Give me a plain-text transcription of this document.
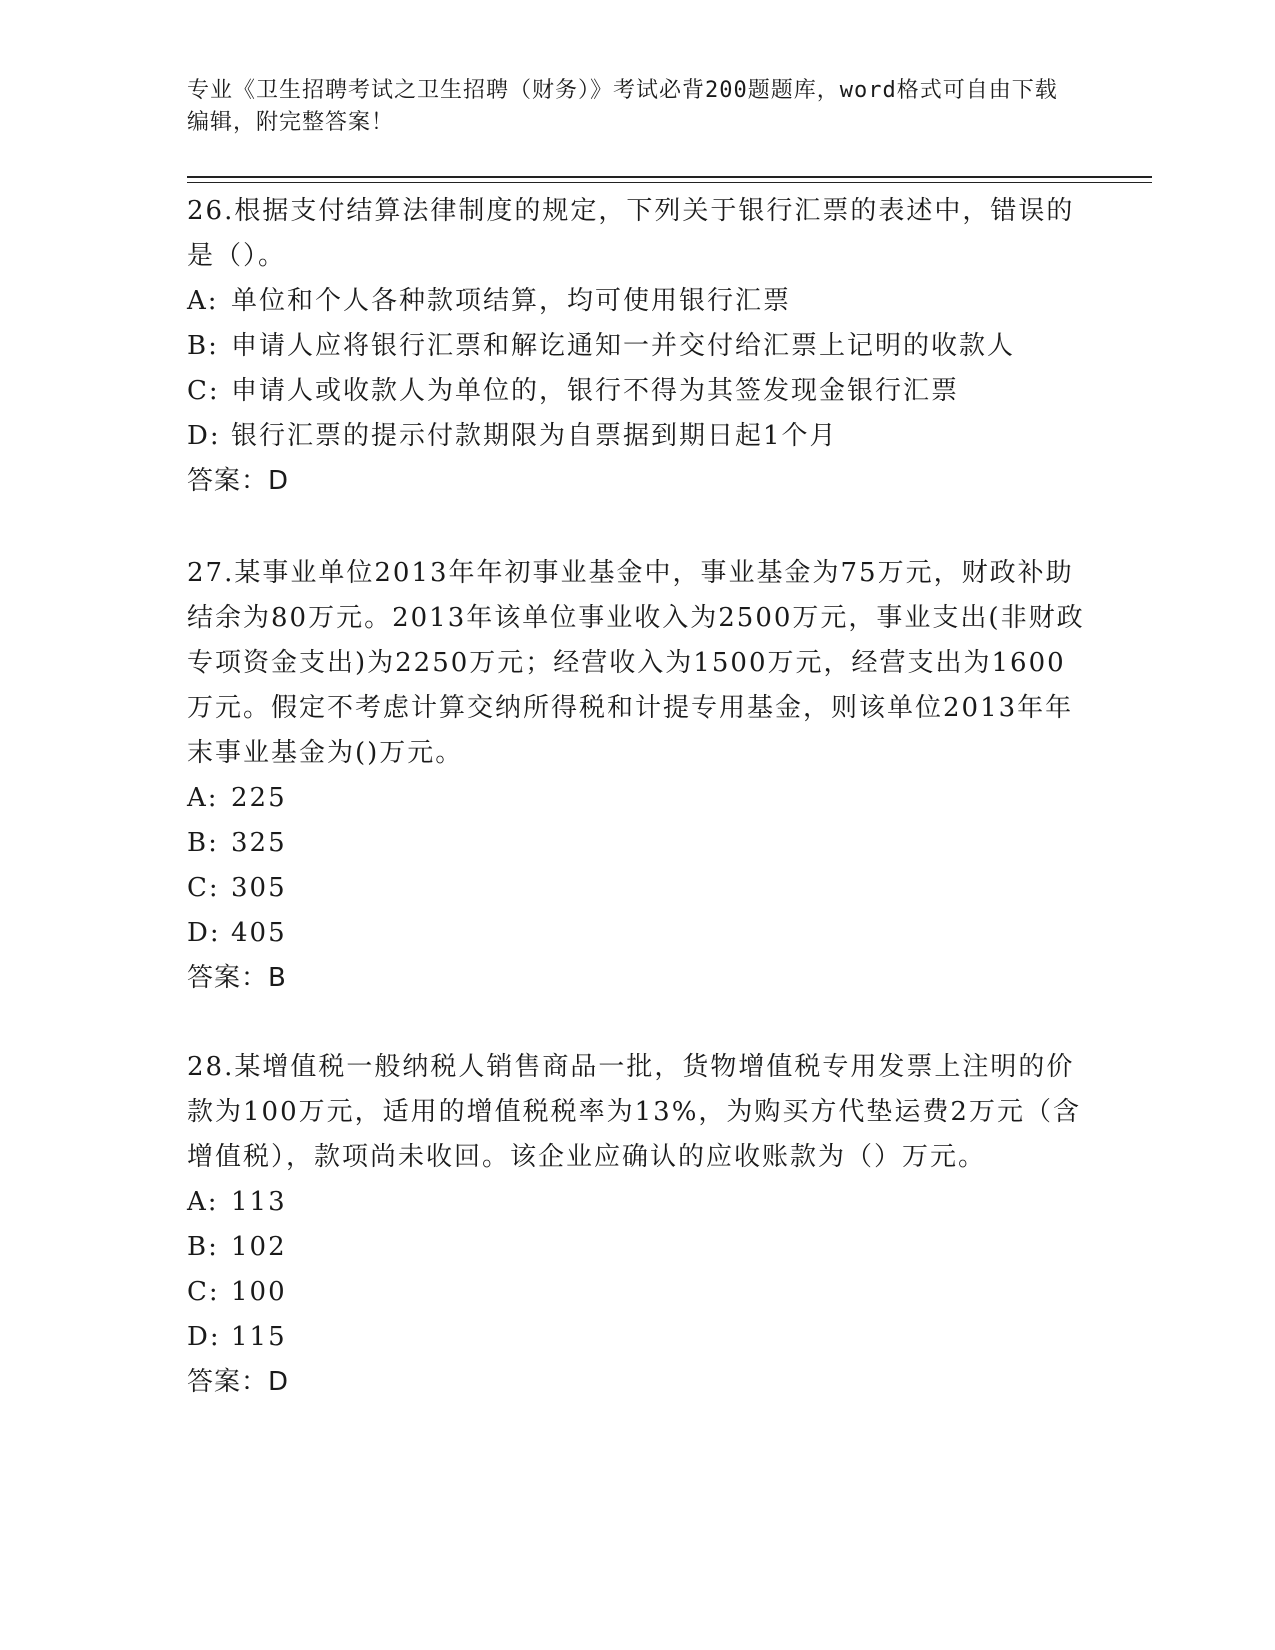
专业《卫生招聘考试之卫生招聘（财务）》考试必背200题题库，word格式可自由下载编辑，附完整答案！

26.根据支付结算法律制度的规定，下列关于银行汇票的表述中，错误的是（）。

A: 单位和个人各种款项结算，均可使用银行汇票

B: 申请人应将银行汇票和解讫通知一并交付给汇票上记明的收款人

C: 申请人或收款人为单位的，银行不得为其签发现金银行汇票

D: 银行汇票的提示付款期限为自票据到期日起1个月

答案：D

27.某事业单位2013年年初事业基金中，事业基金为75万元，财政补助结余为80万元。2013年该单位事业收入为2500万元，事业支出(非财政专项资金支出)为2250万元；经营收入为1500万元，经营支出为1600万元。假定不考虑计算交纳所得税和计提专用基金，则该单位2013年年末事业基金为()万元。

A: 225

B: 325

C: 305

D: 405

答案：B

28.某增值税一般纳税人销售商品一批，货物增值税专用发票上注明的价款为100万元，适用的增值税税率为13%，为购买方代垫运费2万元（含增值税），款项尚未收回。该企业应确认的应收账款为（）万元。

A: 113

B: 102

C: 100

D: 115

答案：D
